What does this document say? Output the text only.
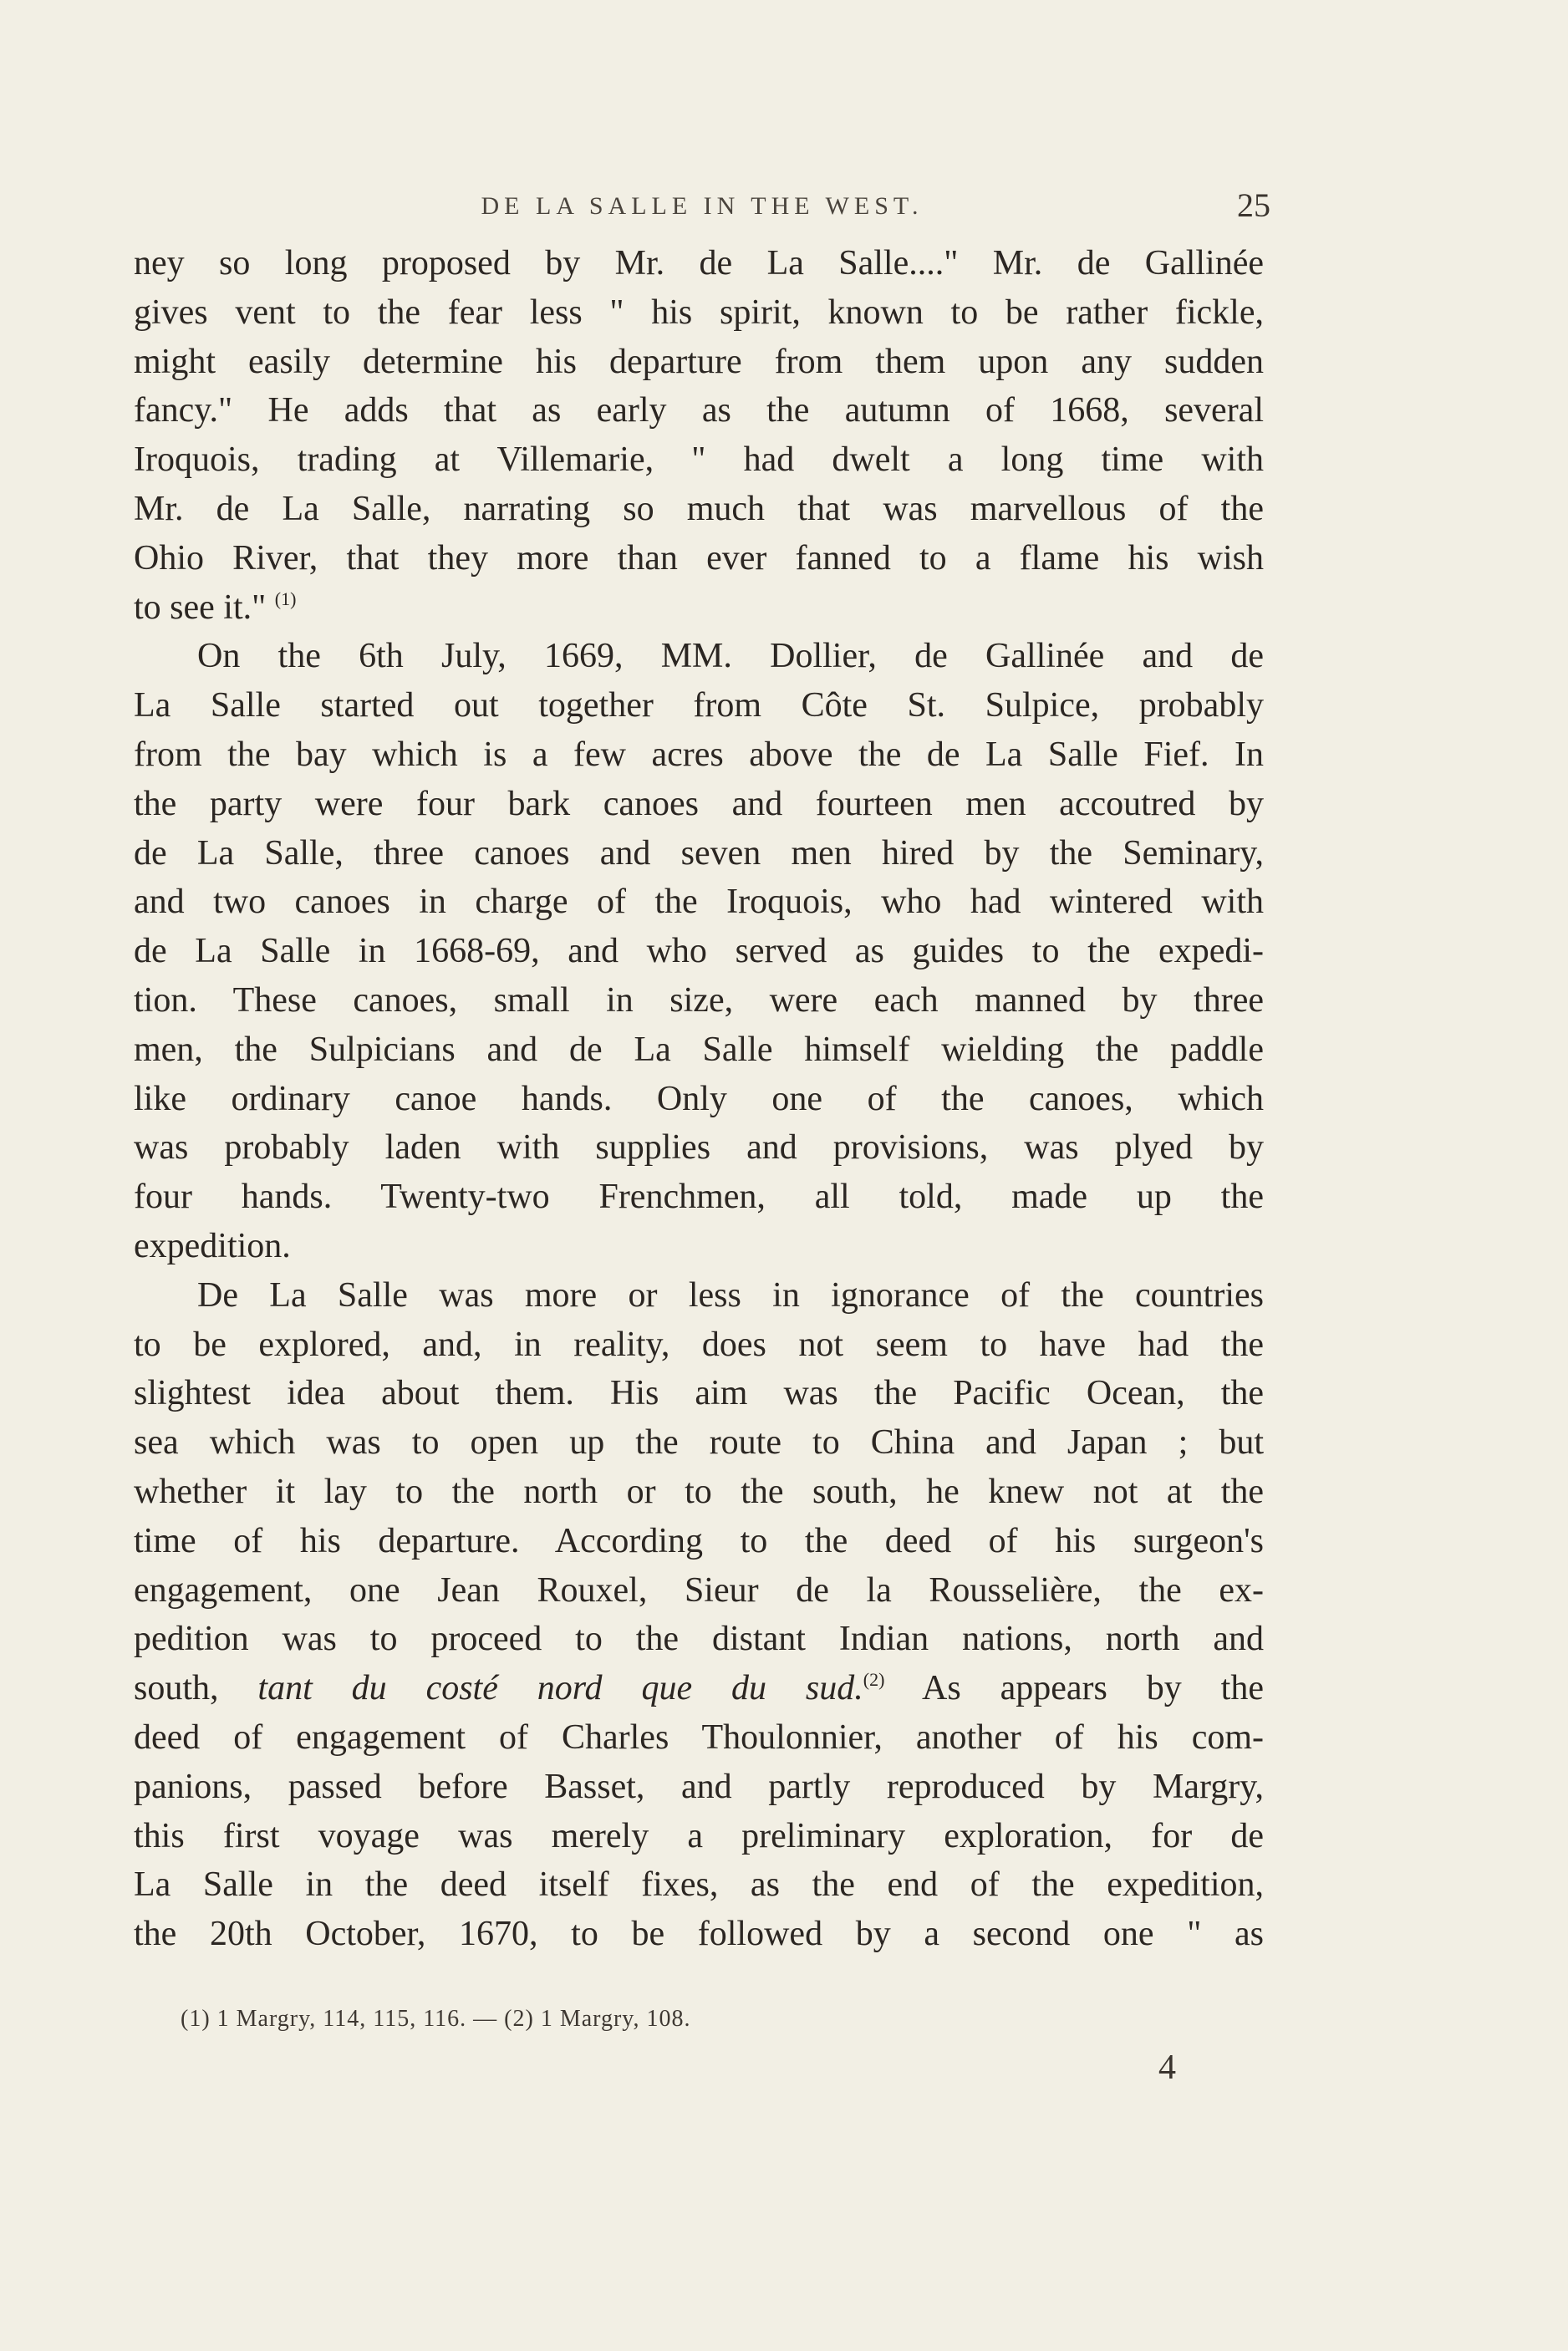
DE LA SALLE IN THE WEST.	25
ney so long proposed by Mr. de La Salle...." Mr. de Gallinée
gives vent to the fear less " his spirit, known to be rather fickle,
might easily determine his departure from them upon any sudden
fancy." He adds that as early as the autumn of 1668, several
Iroquois, trading at Villemarie, " had dwelt a long time with
Mr. de La Salle, narrating so much that was marvellous of the
Ohio River, that they more than ever fanned to a flame his wish
to see it." $^{(1)}$
On the 6th July, 1669, MM. Dollier, de Gallinée and de
La Salle started out together from Côte St. Sulpice, probably
from the bay which is a few acres above the de La Salle Fief. In
the party were four bark canoes and fourteen men accoutred by
de La Salle, three canoes and seven men hired by the Seminary,
and two canoes in charge of the Iroquois, who had wintered with
de La Salle in 1668-69, and who served as guides to the expedi-
tion. These canoes, small in size, were each manned by three
men, the Sulpicians and de La Salle himself wielding the paddle
like ordinary canoe hands. Only one of the canoes, which
was probably laden with supplies and provisions, was plyed by
four hands. Twenty-two Frenchmen, all told, made up the
expedition.
De La Salle was more or less in ignorance of the countries
to be explored, and, in reality, does not seem to have had the
slightest idea about them. His aim was the Pacific Ocean, the
sea which was to open up the route to China and Japan ; but
whether it lay to the north or to the south, he knew not at the
time of his departure. According to the deed of his surgeon's
engagement, one Jean Rouxel, Sieur de la Rousselière, the ex-
pedition was to proceed to the distant Indian nations, north and
south, tant du costé nord que du sud.$^{(2)}$ As appears by the
deed of engagement of Charles Thoulonnier, another of his com-
panions, passed before Basset, and partly reproduced by Margry,
this first voyage was merely a preliminary exploration, for de
La Salle in the deed itself fixes, as the end of the expedition,
the 20th October, 1670, to be followed by a second one " as
(1) 1 Margry, 114, 115, 116. — (2) 1 Margry, 108.
4
